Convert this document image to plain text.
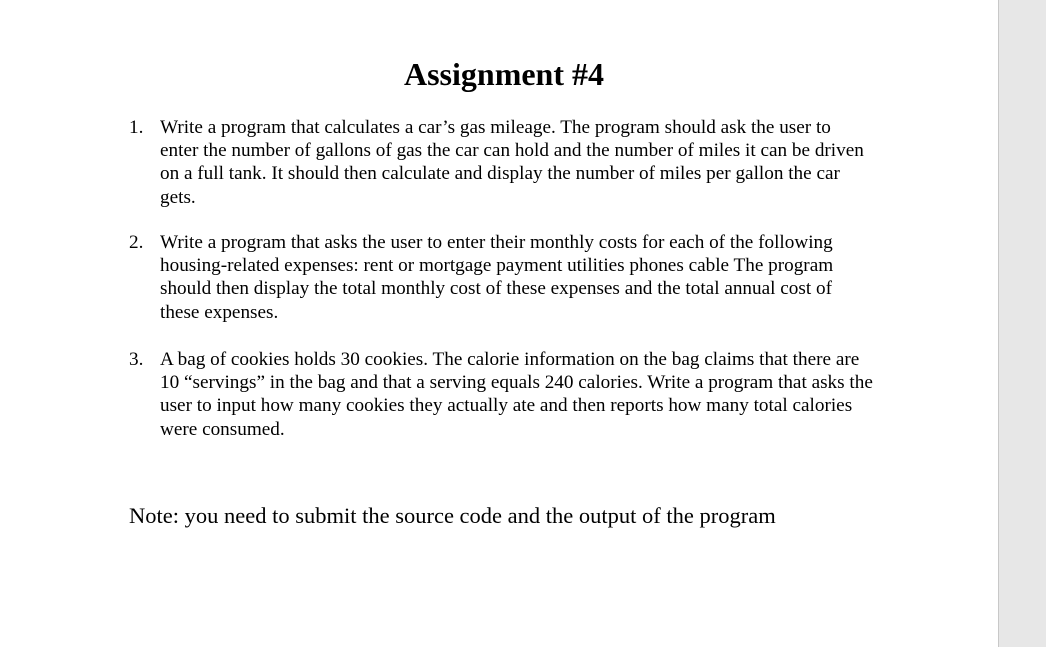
Assignment #4
1. Write a program that calculates a car’s gas mileage. The program should ask the user to enter the number of gallons of gas the car can hold and the number of miles it can be driven on a full tank. It should then calculate and display the number of miles per gallon the car gets.
2. Write a program that asks the user to enter their monthly costs for each of the following housing-related expenses: rent or mortgage payment utilities phones cable The program should then display the total monthly cost of these expenses and the total annual cost of these expenses.
3. A bag of cookies holds 30 cookies. The calorie information on the bag claims that there are 10 “servings” in the bag and that a serving equals 240 calories. Write a program that asks the user to input how many cookies they actually ate and then reports how many total calories were consumed.
Note: you need to submit the source code and the output of the program
